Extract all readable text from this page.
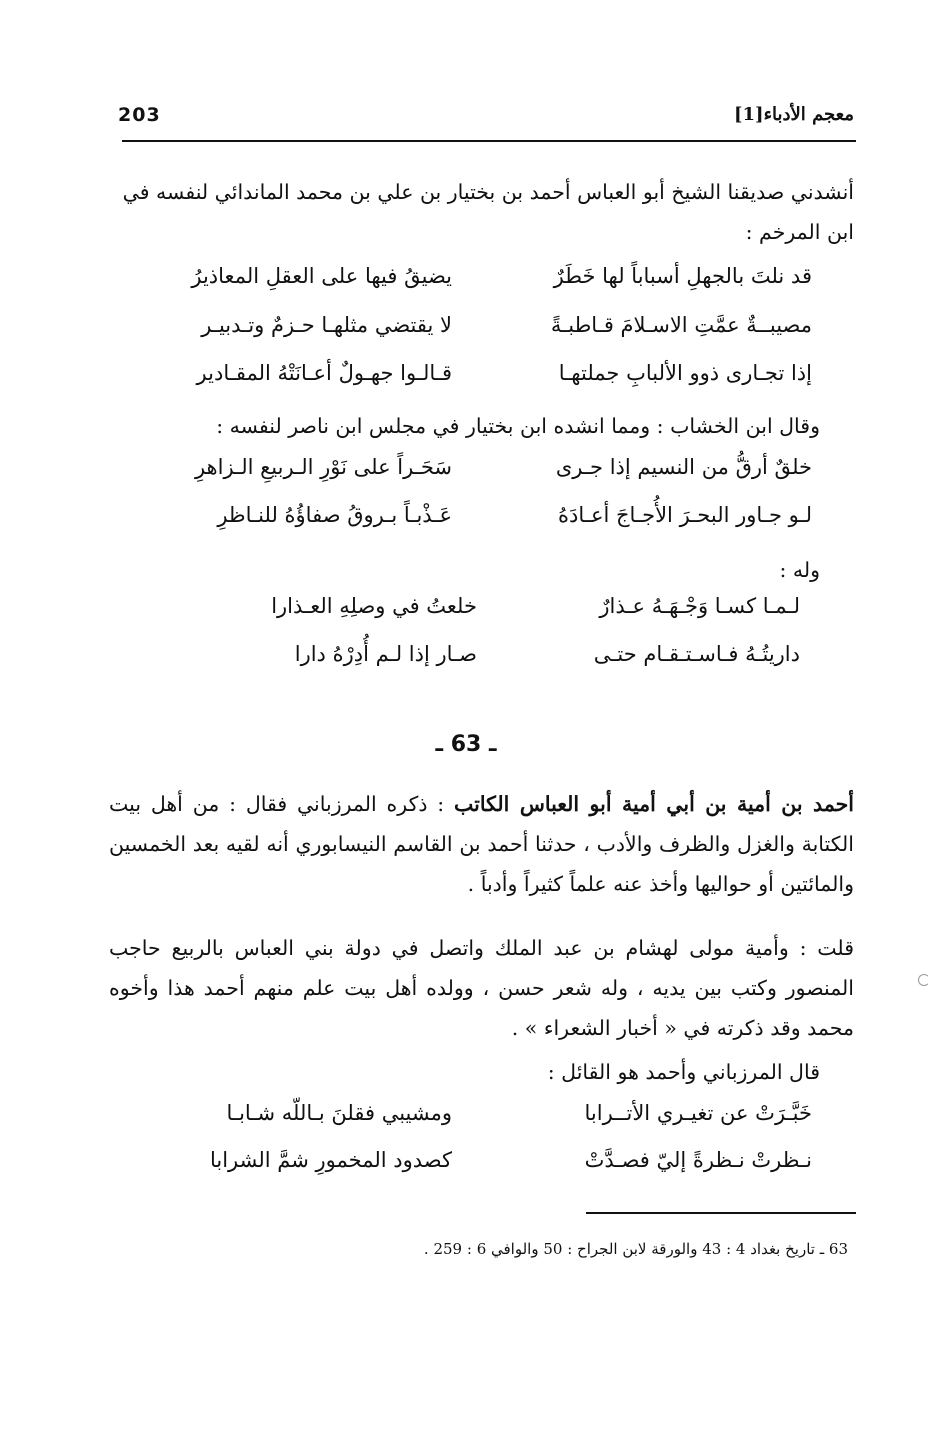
203	معجم الأدباء[1]

أنشدني صديقنا الشيخ أبو العباس أحمد بن بختيار بن علي بن محمد الماندائي لنفسه في ابن المرخم :

قد نلتَ بالجهلِ أسباباً لها خَطَرٌ
يضيقُ فيها على العقلِ المعاذيرُ
مصيبــةٌ عمَّتِ الاسـلامَ قـاطبـةً
لا يقتضي مثلهـا حـزمٌ وتـدبيـر
إذا تجـارى ذوو الألبابِ جملتهـا
قـالـوا جهـولٌ أعـانَتْهُ المقـادير

وقال ابن الخشاب : ومما انشده ابن بختيار في مجلس ابن ناصر لنفسه :

خلقٌ أرقُّ من النسيم إذا جـرى
سَحَـراً على نَوْرِ الـربيعِ الـزاهرِ
لـو جـاور البحـرَ الأُجـاجَ أعـادَهُ
عَـذْبـاً بـروقُ صفاؤُهُ للنـاظرِ

وله :

لـمـا كسـا وَجْـهَـهُ عـذارٌ
خلعتُ في وصلِهِ العـذارا
داريتُـهُ فـاسـتـقـام حتـى
صـار إذا لـم أُدِرْهُ دارا
ـ 63 ـ

أحمد بن أمية بن أبي أمية أبو العباس الكاتب : ذكره المرزباني فقال : من أهل بيت الكتابة والغزل والظرف والأدب ، حدثنا أحمد بن القاسم النيسابوري أنه لقيه بعد الخمسين والمائتين أو حواليها وأخذ عنه علماً كثيراً وأدباً .

قلت : وأمية مولى لهشام بن عبد الملك واتصل في دولة بني العباس بالربيع حاجب المنصور وكتب بين يديه ، وله شعر حسن ، وولده أهل بيت علم منهم أحمد هذا وأخوه محمد وقد ذكرته في « أخبار الشعراء » .

قال المرزباني وأحمد هو القائل :

خَبَّـرَتْ عن تغيـري الأتــرابا
ومشيبي فقلنَ بـاللّه شـابـا
نـظرتْ نـظرةً إليّ فصـدَّتْ
كصدود المخمورِ شمَّ الشرابا
63 ـ تاريخ بغداد 4 : 43 والورقة لابن الجراح : 50 والوافي 6 : 259 .
